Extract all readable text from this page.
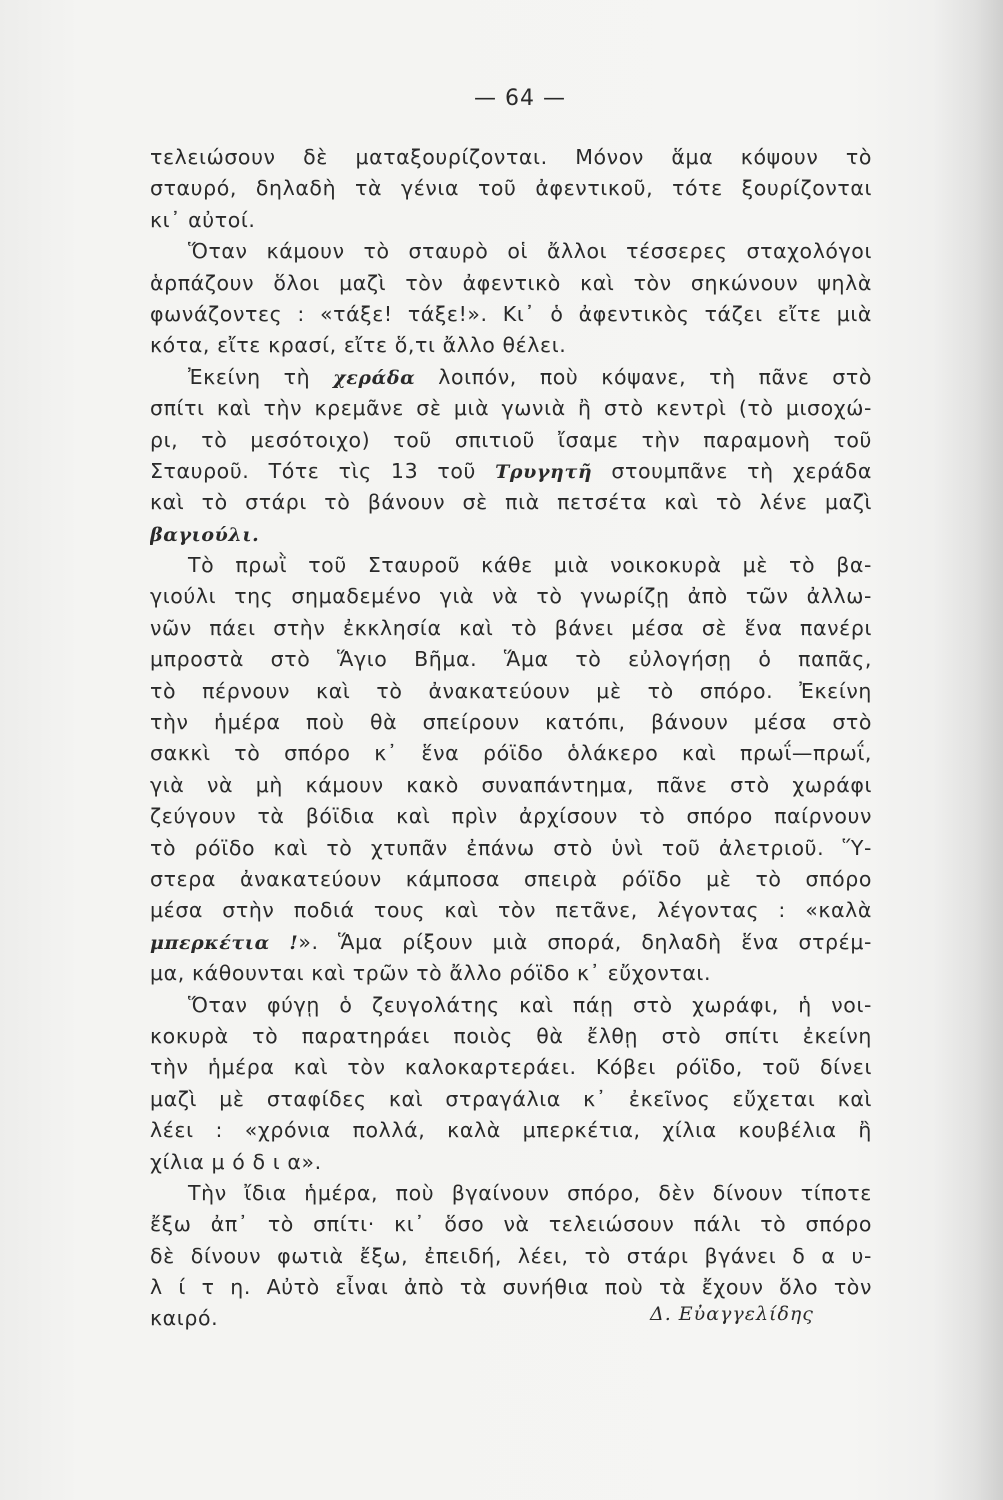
— 64 —
τελειώσουν δὲ ματαξουρίζονται. Μόνον ἅμα κόψουν τὸ
σταυρό, δηλαδὴ τὰ γένια τοῦ ἀφεντικοῦ, τότε ξουρίζονται
κι᾿ αὐτοί.
Ὅταν κάμουν τὸ σταυρὸ οἱ ἄλλοι τέσσερες σταχολόγοι
ἁρπάζουν ὅλοι μαζὶ τὸν ἀφεντικὸ καὶ τὸν σηκώνουν ψηλὰ
φωνάζοντες : «τάξε! τάξε!». Κι᾿ ὁ ἀφεντικὸς τάζει εἴτε μιὰ
κότα, εἴτε κρασί, εἴτε ὅ,τι ἄλλο θέλει.
Ἐκείνη τὴ χεράδα λοιπόν, ποὺ κόψανε, τὴ πᾶνε στὸ
σπίτι καὶ τὴν κρεμᾶνε σὲ μιὰ γωνιὰ ἢ στὸ κεντρὶ (τὸ μισοχώ-
ρι, τὸ μεσότοιχο) τοῦ σπιτιοῦ ἴσαμε τὴν παραμονὴ τοῦ
Σταυροῦ. Τότε τὶς 13 τοῦ Τρυγητῆ στουμπᾶνε τὴ χεράδα
καὶ τὸ στάρι τὸ βάνουν σὲ πιὰ πετσέτα καὶ τὸ λένε μαζὶ
βαγιούλι.
Τὸ πρωῒ τοῦ Σταυροῦ κάθε μιὰ νοικοκυρὰ μὲ τὸ βα-
γιούλι της σημαδεμένο γιὰ νὰ τὸ γνωρίζῃ ἀπὸ τῶν ἀλλω-
νῶν πάει στὴν ἐκκλησία καὶ τὸ βάνει μέσα σὲ ἕνα πανέρι
μπροστὰ στὸ Ἅγιο Βῆμα. Ἅμα τὸ εὐλογήσῃ ὁ παπᾶς,
τὸ πέρνουν καὶ τὸ ἀνακατεύουν μὲ τὸ σπόρο. Ἐκείνη
τὴν ἡμέρα ποὺ θὰ σπείρουν κατόπι, βάνουν μέσα στὸ
σακκὶ τὸ σπόρο κ᾿ ἕνα ρόϊδο ὁλάκερο καὶ πρωΐ—πρωΐ,
γιὰ νὰ μὴ κάμουν κακὸ συναπάντημα, πᾶνε στὸ χωράφι
ζεύγουν τὰ βόϊδια καὶ πρὶν ἀρχίσουν τὸ σπόρο παίρνουν
τὸ ρόϊδο καὶ τὸ χτυπᾶν ἐπάνω στὸ ὑνὶ τοῦ ἀλετριοῦ. Ὕ-
στερα ἀνακατεύουν κάμποσα σπειρὰ ρόϊδο μὲ τὸ σπόρο
μέσα στὴν ποδιά τους καὶ τὸν πετᾶνε, λέγοντας : «καλὰ
μπερκέτια !». Ἅμα ρίξουν μιὰ σπορά, δηλαδὴ ἕνα στρέμ-
μα, κάθουνται καὶ τρῶν τὸ ἄλλο ρόϊδο κ᾿ εὔχονται.
Ὅταν φύγῃ ὁ ζευγολάτης καὶ πάῃ στὸ χωράφι, ἡ νοι-
κοκυρὰ τὸ παρατηράει ποιὸς θὰ ἔλθῃ στὸ σπίτι ἐκείνη
τὴν ἡμέρα καὶ τὸν καλοκαρτεράει. Κόβει ρόϊδο, τοῦ δίνει
μαζὶ μὲ σταφίδες καὶ στραγάλια κ᾿ ἐκεῖνος εὔχεται καὶ
λέει : «χρόνια πολλά, καλὰ μπερκέτια, χίλια κουβέλια ἢ
χίλια μ ό δ ι α».
Τὴν ἴδια ἡμέρα, ποὺ βγαίνουν σπόρο, δὲν δίνουν τίποτε
ἔξω ἀπ᾿ τὸ σπίτι· κι᾿ ὅσο νὰ τελειώσουν πάλι τὸ σπόρο
δὲ δίνουν φωτιὰ ἔξω, ἐπειδή, λέει, τὸ στάρι βγάνει δ α υ-
λ ί τ η. Αὐτὸ εἶναι ἀπὸ τὰ συνήθια ποὺ τὰ ἔχουν ὅλο τὸν
καιρό.	Δ. Εὐαγγελίδης
